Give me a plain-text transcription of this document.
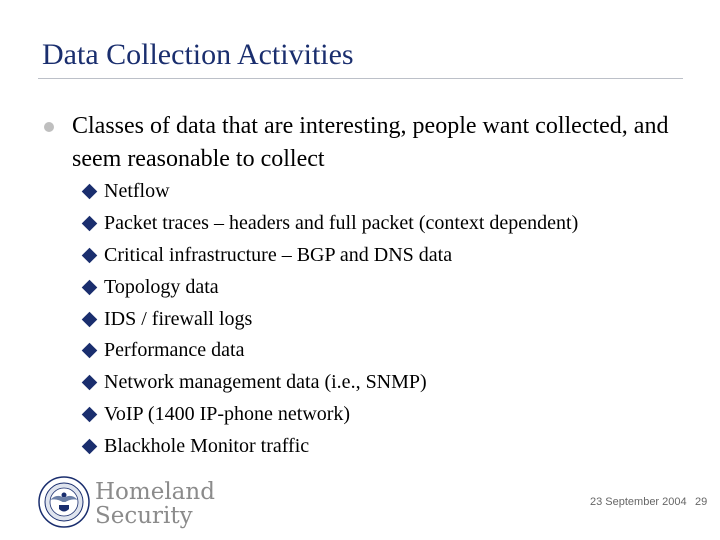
Data Collection Activities
Classes of data that are interesting, people want collected, and seem reasonable to collect
Netflow
Packet traces – headers and full packet (context dependent)
Critical infrastructure – BGP and DNS data
Topology data
IDS / firewall logs
Performance data
Network management data (i.e., SNMP)
VoIP (1400 IP-phone network)
Blackhole Monitor traffic
Homeland
Security
23 September 2004 29
